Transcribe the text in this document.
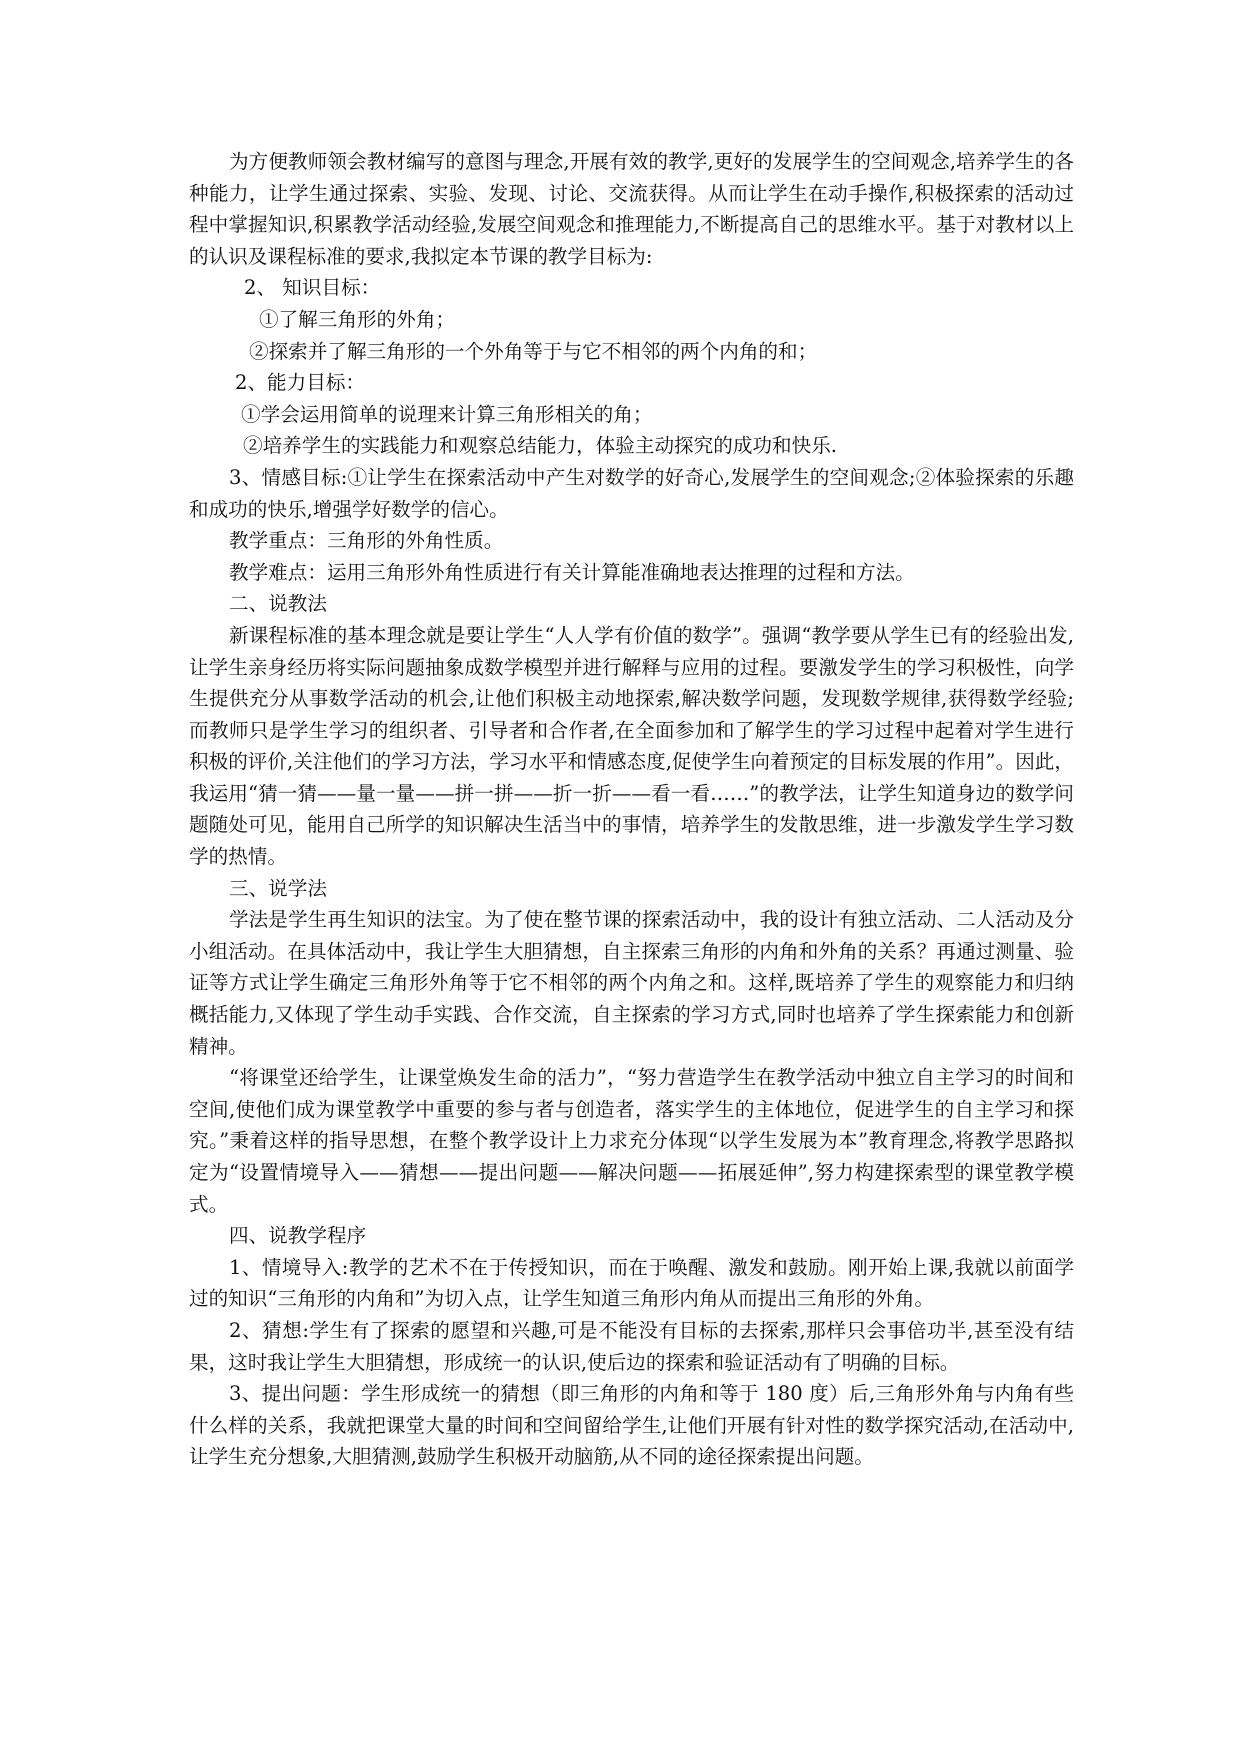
为方便教师领会教材编写的意图与理念,开展有效的教学,更好的发展学生的空间观念,培养学生的各种能力，让学生通过探索、实验、发现、讨论、交流获得。从而让学生在动手操作,积极探索的活动过程中掌握知识,积累教学活动经验,发展空间观念和推理能力,不断提高自己的思维水平。基于对教材以上的认识及课程标准的要求,我拟定本节课的教学目标为:

2、 知识目标：

①了解三角形的外角；

②探索并了解三角形的一个外角等于与它不相邻的两个内角的和；

2、能力目标：

①学会运用简单的说理来计算三角形相关的角；

②培养学生的实践能力和观察总结能力，体验主动探究的成功和快乐.

3、情感目标:①让学生在探索活动中产生对数学的好奇心,发展学生的空间观念;②体验探索的乐趣和成功的快乐,增强学好数学的信心。

教学重点：三角形的外角性质。

教学难点：运用三角形外角性质进行有关计算能准确地表达推理的过程和方法。

二、说教法

新课程标准的基本理念就是要让学生“人人学有价值的数学”。强调“教学要从学生已有的经验出发,让学生亲身经历将实际问题抽象成数学模型并进行解释与应用的过程。要激发学生的学习积极性，向学生提供充分从事数学活动的机会,让他们积极主动地探索,解决数学问题，发现数学规律,获得数学经验;而教师只是学生学习的组织者、引导者和合作者,在全面参加和了解学生的学习过程中起着对学生进行积极的评价,关注他们的学习方法，学习水平和情感态度,促使学生向着预定的目标发展的作用”。因此，我运用“猜一猜——量一量——拼一拼——折一折——看一看……”的教学法，让学生知道身边的数学问题随处可见，能用自己所学的知识解决生活当中的事情，培养学生的发散思维，进一步激发学生学习数学的热情。

三、说学法

学法是学生再生知识的法宝。为了使在整节课的探索活动中，我的设计有独立活动、二人活动及分小组活动。在具体活动中，我让学生大胆猜想，自主探索三角形的内角和外角的关系？再通过测量、验证等方式让学生确定三角形外角等于它不相邻的两个内角之和。这样,既培养了学生的观察能力和归纳概括能力,又体现了学生动手实践、合作交流，自主探索的学习方式,同时也培养了学生探索能力和创新精神。

“将课堂还给学生，让课堂焕发生命的活力”，“努力营造学生在教学活动中独立自主学习的时间和空间,使他们成为课堂教学中重要的参与者与创造者，落实学生的主体地位，促进学生的自主学习和探究。”秉着这样的指导思想，在整个教学设计上力求充分体现“以学生发展为本”教育理念,将教学思路拟定为“设置情境导入——猜想——提出问题——解决问题——拓展延伸”,努力构建探索型的课堂教学模式。

四、说教学程序

1、情境导入:教学的艺术不在于传授知识，而在于唤醒、激发和鼓励。刚开始上课,我就以前面学过的知识“三角形的内角和”为切入点，让学生知道三角形内角从而提出三角形的外角。

2、猜想:学生有了探索的愿望和兴趣,可是不能没有目标的去探索,那样只会事倍功半,甚至没有结果，这时我让学生大胆猜想，形成统一的认识,使后边的探索和验证活动有了明确的目标。

3、提出问题：学生形成统一的猜想（即三角形的内角和等于 180 度）后,三角形外角与内角有些什么样的关系，我就把课堂大量的时间和空间留给学生,让他们开展有针对性的数学探究活动,在活动中,让学生充分想象,大胆猜测,鼓励学生积极开动脑筋,从不同的途径探索提出问题。
